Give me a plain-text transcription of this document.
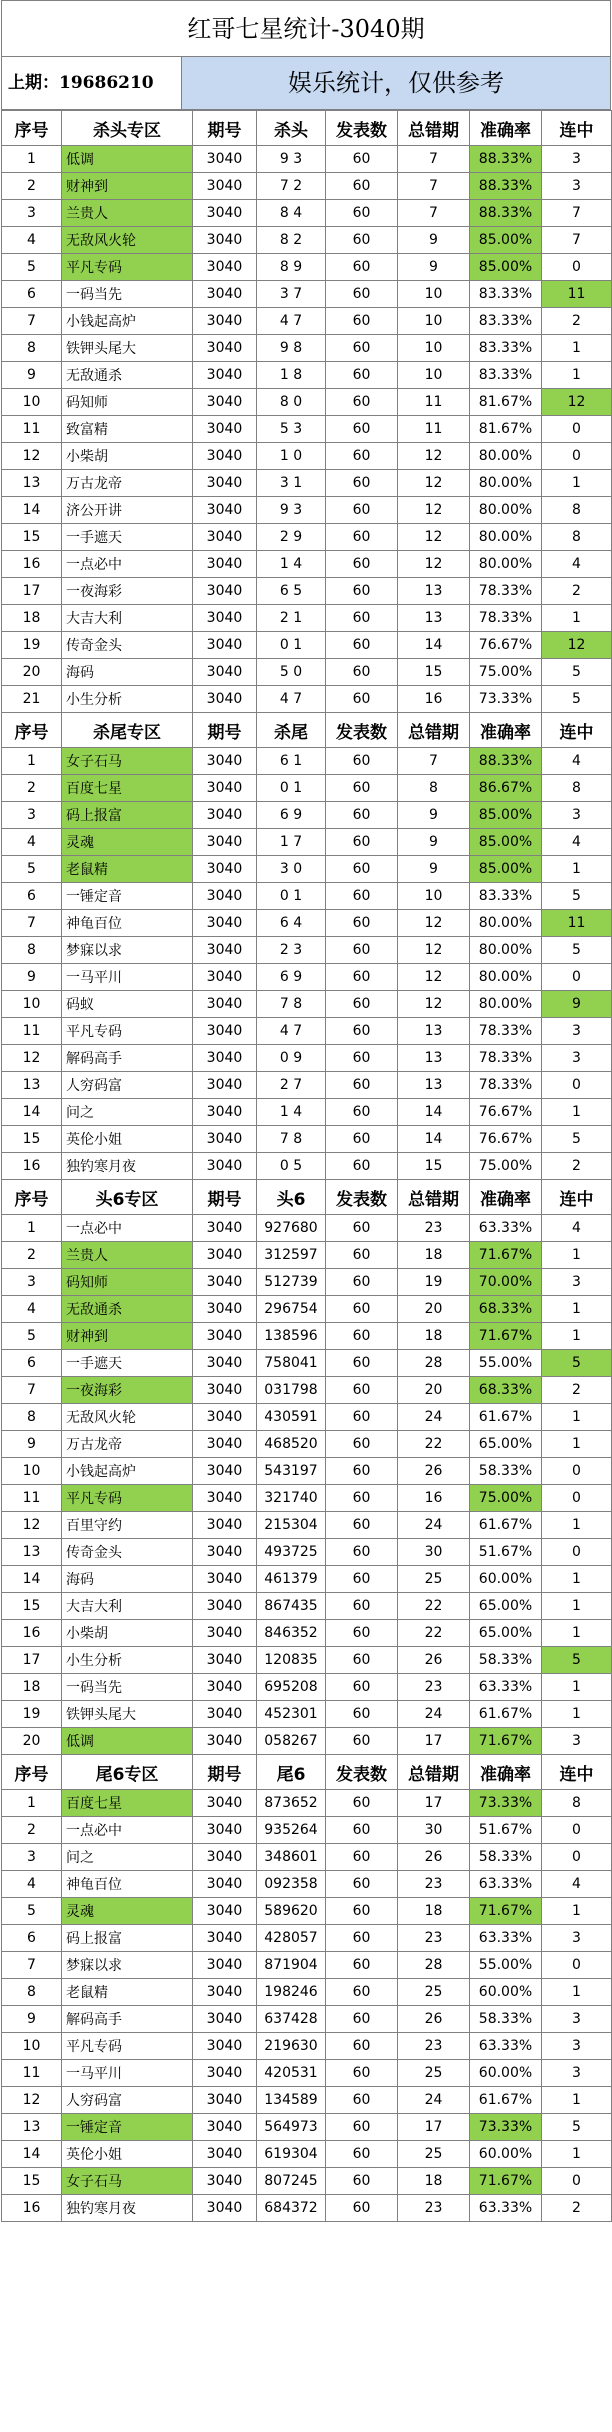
红哥七星统计-3040期
上期：19686210	娱乐统计，仅供参考
序号	杀头专区	期号	杀头	发表数	总错期	准确率	连中
1	低调	3040	9 3	60	7	88.33%	3
2	财神到	3040	7 2	60	7	88.33%	3
3	兰贵人	3040	8 4	60	7	88.33%	7
4	无敌风火轮	3040	8 2	60	9	85.00%	7
5	平凡专码	3040	8 9	60	9	85.00%	0
6	一码当先	3040	3 7	60	10	83.33%	11
7	小钱起高炉	3040	4 7	60	10	83.33%	2
8	铁钾头尾大	3040	9 8	60	10	83.33%	1
9	无敌通杀	3040	1 8	60	10	83.33%	1
10	码知师	3040	8 0	60	11	81.67%	12
11	致富精	3040	5 3	60	11	81.67%	0
12	小柴胡	3040	1 0	60	12	80.00%	0
13	万古龙帝	3040	3 1	60	12	80.00%	1
14	济公开讲	3040	9 3	60	12	80.00%	8
15	一手遮天	3040	2 9	60	12	80.00%	8
16	一点必中	3040	1 4	60	12	80.00%	4
17	一夜海彩	3040	6 5	60	13	78.33%	2
18	大吉大利	3040	2 1	60	13	78.33%	1
19	传奇金头	3040	0 1	60	14	76.67%	12
20	海码	3040	5 0	60	15	75.00%	5
21	小生分析	3040	4 7	60	16	73.33%	5
序号	杀尾专区	期号	杀尾	发表数	总错期	准确率	连中
1	女子石马	3040	6 1	60	7	88.33%	4
2	百度七星	3040	0 1	60	8	86.67%	8
3	码上报富	3040	6 9	60	9	85.00%	3
4	灵魂	3040	1 7	60	9	85.00%	4
5	老鼠精	3040	3 0	60	9	85.00%	1
6	一锤定音	3040	0 1	60	10	83.33%	5
7	神龟百位	3040	6 4	60	12	80.00%	11
8	梦寐以求	3040	2 3	60	12	80.00%	5
9	一马平川	3040	6 9	60	12	80.00%	0
10	码蚁	3040	7 8	60	12	80.00%	9
11	平凡专码	3040	4 7	60	13	78.33%	3
12	解码高手	3040	0 9	60	13	78.33%	3
13	人穷码富	3040	2 7	60	13	78.33%	0
14	问之	3040	1 4	60	14	76.67%	1
15	英伦小姐	3040	7 8	60	14	76.67%	5
16	独钓寒月夜	3040	0 5	60	15	75.00%	2
序号	头6专区	期号	头6	发表数	总错期	准确率	连中
1	一点必中	3040	927680	60	23	63.33%	4
2	兰贵人	3040	312597	60	18	71.67%	1
3	码知师	3040	512739	60	19	70.00%	3
4	无敌通杀	3040	296754	60	20	68.33%	1
5	财神到	3040	138596	60	18	71.67%	1
6	一手遮天	3040	758041	60	28	55.00%	5
7	一夜海彩	3040	031798	60	20	68.33%	2
8	无敌风火轮	3040	430591	60	24	61.67%	1
9	万古龙帝	3040	468520	60	22	65.00%	1
10	小钱起高炉	3040	543197	60	26	58.33%	0
11	平凡专码	3040	321740	60	16	75.00%	0
12	百里守约	3040	215304	60	24	61.67%	1
13	传奇金头	3040	493725	60	30	51.67%	0
14	海码	3040	461379	60	25	60.00%	1
15	大吉大利	3040	867435	60	22	65.00%	1
16	小柴胡	3040	846352	60	22	65.00%	1
17	小生分析	3040	120835	60	26	58.33%	5
18	一码当先	3040	695208	60	23	63.33%	1
19	铁钾头尾大	3040	452301	60	24	61.67%	1
20	低调	3040	058267	60	17	71.67%	3
序号	尾6专区	期号	尾6	发表数	总错期	准确率	连中
1	百度七星	3040	873652	60	17	73.33%	8
2	一点必中	3040	935264	60	30	51.67%	0
3	问之	3040	348601	60	26	58.33%	0
4	神龟百位	3040	092358	60	23	63.33%	4
5	灵魂	3040	589620	60	18	71.67%	1
6	码上报富	3040	428057	60	23	63.33%	3
7	梦寐以求	3040	871904	60	28	55.00%	0
8	老鼠精	3040	198246	60	25	60.00%	1
9	解码高手	3040	637428	60	26	58.33%	3
10	平凡专码	3040	219630	60	23	63.33%	3
11	一马平川	3040	420531	60	25	60.00%	3
12	人穷码富	3040	134589	60	24	61.67%	1
13	一锤定音	3040	564973	60	17	73.33%	5
14	英伦小姐	3040	619304	60	25	60.00%	1
15	女子石马	3040	807245	60	18	71.67%	0
16	独钓寒月夜	3040	684372	60	23	63.33%	2
